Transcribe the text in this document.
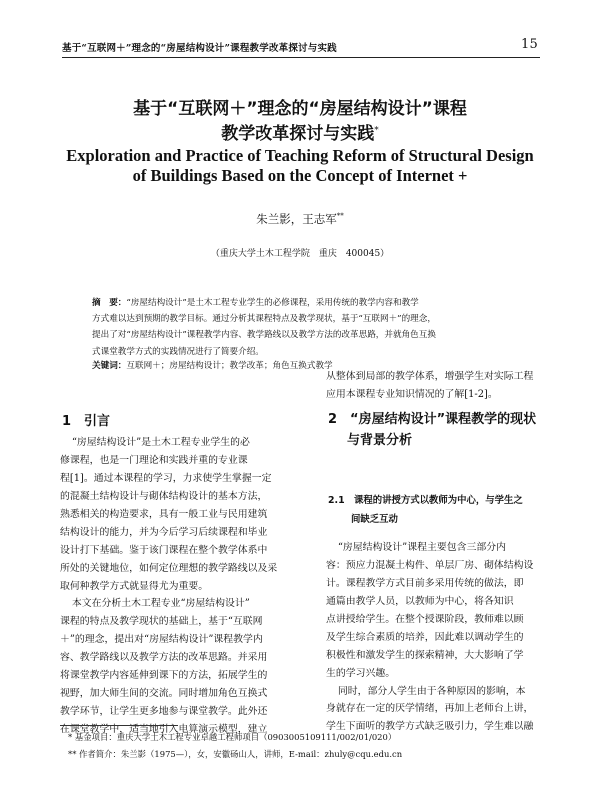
基于“互联网＋”理念的“房屋结构设计”课程教学改革探讨与实践	15
基于“互联网＋”理念的“房屋结构设计”课程
教学改革探讨与实践*
Exploration and Practice of Teaching Reform of Structural Design
of Buildings Based on the Concept of Internet +
朱兰影，王志军**
（重庆大学土木工程学院　重庆　400045）
摘　要：“房屋结构设计”是土木工程专业学生的必修课程，采用传统的教学内容和教学
方式难以达到预期的教学目标。通过分析其课程特点及教学现状，基于“互联网＋”的理念，
提出了对“房屋结构设计”课程教学内容、教学路线以及教学方法的改革思路，并就角色互换
式课堂教学方式的实践情况进行了简要介绍。
关键词：互联网＋；房屋结构设计；教学改革；角色互换式教学
1　引言
“房屋结构设计”是土木工程专业学生的必
修课程，也是一门理论和实践并重的专业课
程[1]。通过本课程的学习，力求使学生掌握一定
的混凝土结构设计与砌体结构设计的基本方法，
熟悉相关的构造要求，具有一般工业与民用建筑
结构设计的能力，并为今后学习后续课程和毕业
设计打下基础。鉴于该门课程在整个教学体系中
所处的关键地位，如何定位理想的教学路线以及采
取何种教学方式就显得尤为重要。
本文在分析土木工程专业“房屋结构设计”
课程的特点及教学现状的基础上，基于“互联网
＋”的理念，提出对“房屋结构设计”课程教学内
容、教学路线以及教学方法的改革思路。并采用
将课堂教学内容延伸到课下的方法，拓展学生的
视野，加大师生间的交流。同时增加角色互换式
教学环节，让学生更多地参与课堂教学。此外还
在课堂教学中，适当地引入电算演示模型，建立
从整体到局部的教学体系，增强学生对实际工程
应用本课程专业知识情况的了解[1-2]。
2　“房屋结构设计”课程教学的现状
与背景分析
2.1　课程的讲授方式以教师为中心，与学生之
间缺乏互动
“房屋结构设计”课程主要包含三部分内
容：预应力混凝土构件、单层厂房、砌体结构设
计。课程教学方式目前多采用传统的做法，即
通篇由教学人员，以教师为中心，将各知识
点讲授给学生。在整个授课阶段，教师难以顾
及学生综合素质的培养，因此难以调动学生的
积极性和激发学生的探索精神，大大影响了学
生的学习兴趣。
同时，部分人学生由于各种原因的影响，本
身就存在一定的厌学情绪，再加上老师台上讲，
学生下面听的教学方式缺乏吸引力，学生难以融
* 基金项目：重庆大学土木工程专业卓越工程师项目（0903005109111/002/01/020）
** 作者简介：朱兰影（1975—），女，安徽砀山人，讲师，E-mail：zhuly@cqu.edu.cn
